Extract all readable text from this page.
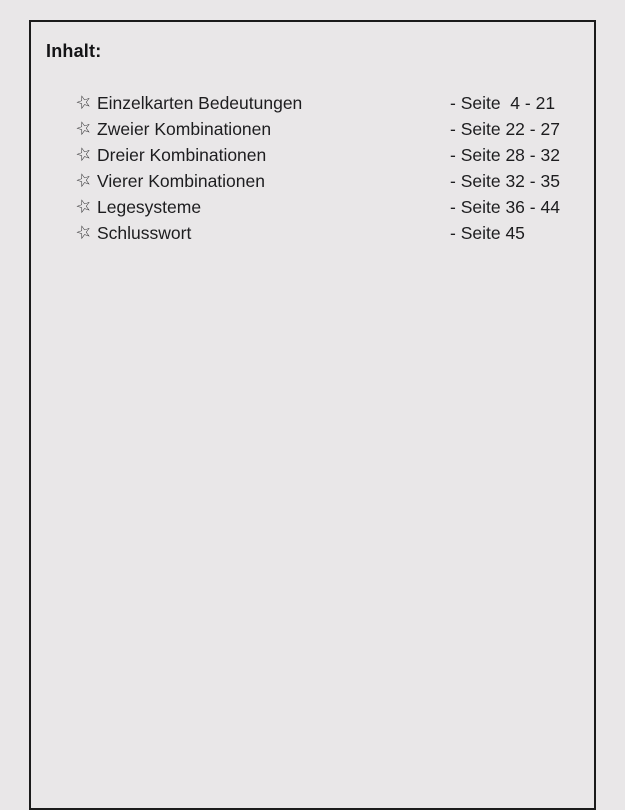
Inhalt:
☆ Einzelkarten Bedeutungen	- Seite  4 - 21
☆ Zweier Kombinationen	- Seite 22 - 27
☆ Dreier Kombinationen	- Seite 28 - 32
☆ Vierer Kombinationen	- Seite 32 - 35
☆ Legesysteme	- Seite 36 - 44
☆ Schlusswort	- Seite 45
